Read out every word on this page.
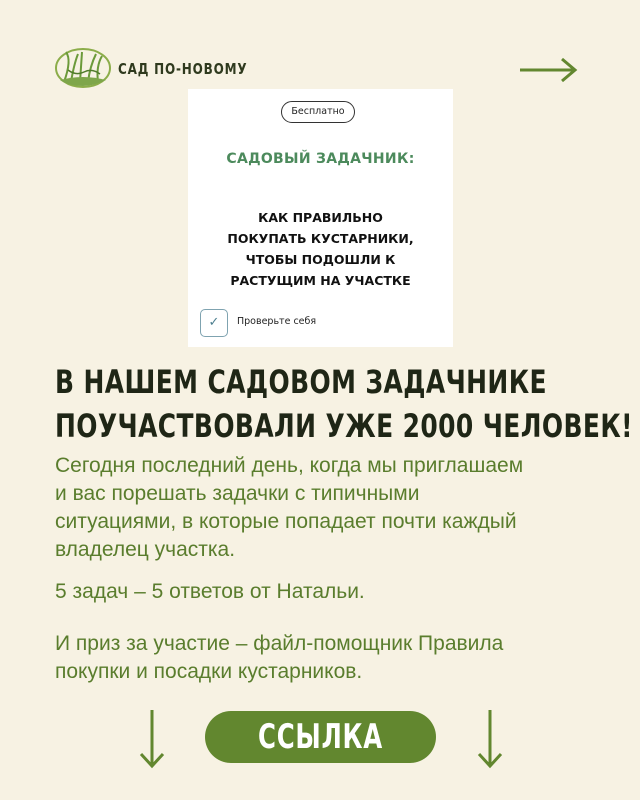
САД ПО-НОВОМУ
Бесплатно
САДОВЫЙ ЗАДАЧНИК:
КАК ПРАВИЛЬНО
ПОКУПАТЬ КУСТАРНИКИ,
ЧТОБЫ ПОДОШЛИ К
РАСТУЩИМ НА УЧАСТКЕ
✓	Проверьте себя
В НАШЕМ САДОВОМ ЗАДАЧНИКЕ
ПОУЧАСТВОВАЛИ УЖЕ 2000 ЧЕЛОВЕК!
Сегодня последний день, когда мы приглашаем
и вас порешать задачки с типичными
ситуациями, в которые попадает почти каждый
владелец участка.
5 задач – 5 ответов от Натальи.
И приз за участие – файл-помощник Правила
покупки и посадки кустарников.
ССЫЛКА
